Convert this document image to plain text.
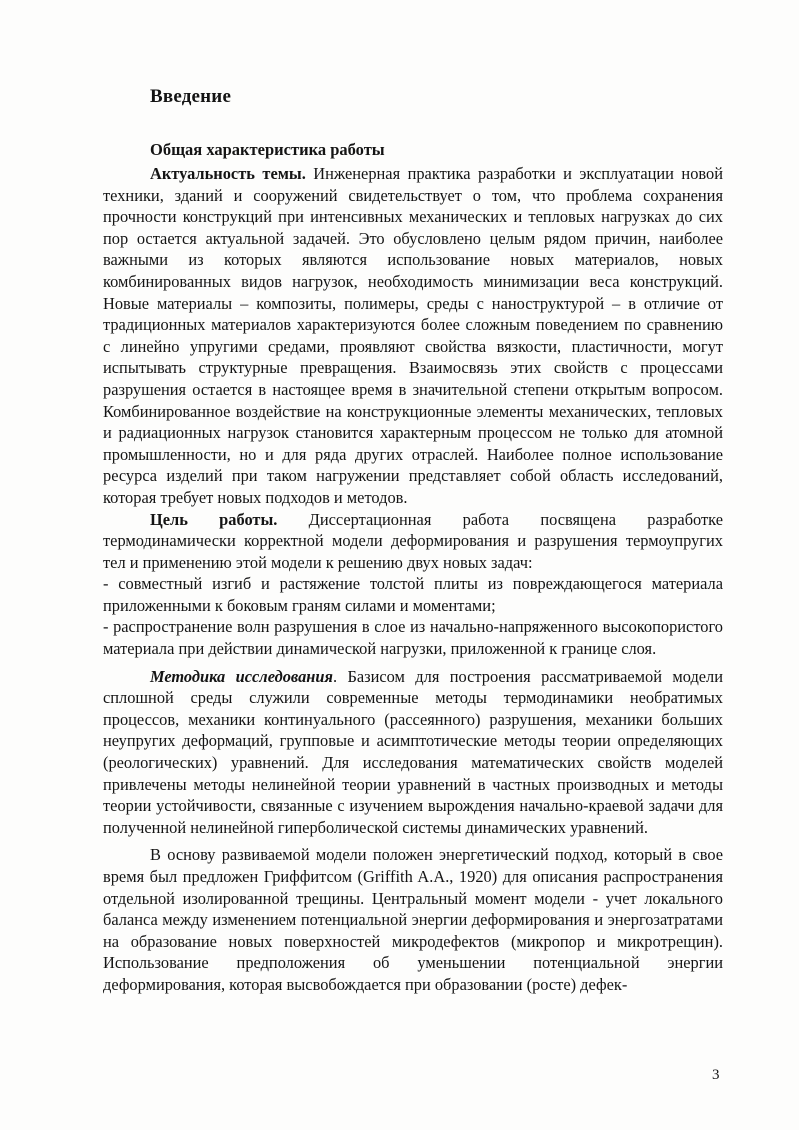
Введение
Общая характеристика работы

Актуальность темы. Инженерная практика разработки и эксплуатации новой техники, зданий и сооружений свидетельствует о том, что проблема сохранения прочности конструкций при интенсивных механических и тепловых нагрузках до сих пор остается актуальной задачей. Это обусловлено целым рядом причин, наиболее важными из которых являются использование новых материалов, новых комбинированных видов нагрузок, необходимость минимизации веса конструкций. Новые материалы – композиты, полимеры, среды с наноструктурой – в отличие от традиционных материалов характеризуются более сложным поведением по сравнению с линейно упругими средами, проявляют свойства вязкости, пластичности, могут испытывать структурные превращения. Взаимосвязь этих свойств с процессами разрушения остается в настоящее время в значительной степени открытым вопросом. Комбинированное воздействие на конструкционные элементы механических, тепловых и радиационных нагрузок становится характерным процессом не только для атомной промышленности, но и для ряда других отраслей. Наиболее полное использование ресурса изделий при таком нагружении представляет собой область исследований, которая требует новых подходов и методов.

Цель работы. Диссертационная работа посвящена разработке термодинамически корректной модели деформирования и разрушения термоупругих тел и применению этой модели к решению двух новых задач:

- совместный изгиб и растяжение толстой плиты из повреждающегося материала приложенными к боковым граням силами и моментами;

- распространение волн разрушения в слое из начально-напряженного высокопористого материала при действии динамической нагрузки, приложенной к границе слоя.

Методика исследования. Базисом для построения рассматриваемой модели сплошной среды служили современные методы термодинамики необратимых процессов, механики континуального (рассеянного) разрушения, механики больших неупругих деформаций, групповые и асимптотические методы теории определяющих (реологических) уравнений. Для исследования математических свойств моделей привлечены методы нелинейной теории уравнений в частных производных и методы теории устойчивости, связанные с изучением вырождения начально-краевой задачи для полученной нелинейной гиперболической системы динамических уравнений.

В основу развиваемой модели положен энергетический подход, который в свое время был предложен Гриффитсом (Griffith A.A., 1920) для описания распространения отдельной изолированной трещины. Центральный момент модели - учет локального баланса между изменением потенциальной энергии деформирования и энергозатратами на образование новых поверхностей микродефектов (микропор и микротрещин). Использование предположения об уменьшении потенциальной энергии деформирования, которая высвобождается при образовании (росте) дефек-

3
